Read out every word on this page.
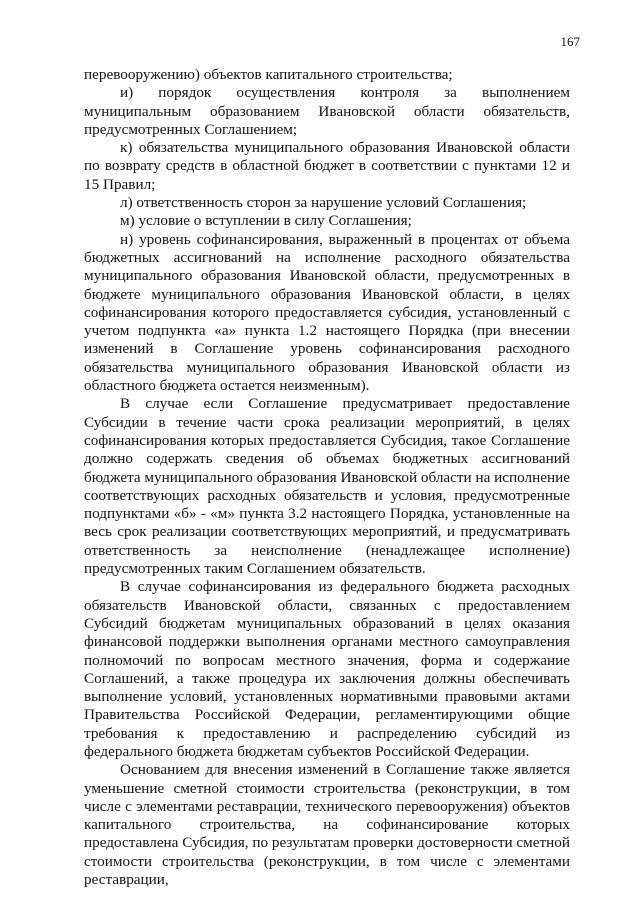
167

перевооружению) объектов капитального строительства;

и) порядок осуществления контроля за выполнением муниципальным образованием Ивановской области обязательств, предусмотренных Соглашением;

к) обязательства муниципального образования Ивановской области по возврату средств в областной бюджет в соответствии с пунктами 12 и 15 Правил;

л) ответственность сторон за нарушение условий Соглашения;

м) условие о вступлении в силу Соглашения;

н) уровень софинансирования, выраженный в процентах от объема бюджетных ассигнований на исполнение расходного обязательства муниципального образования Ивановской области, предусмотренных в бюджете муниципального образования Ивановской области, в целях софинансирования которого предоставляется субсидия, установленный с учетом подпункта «а» пункта 1.2 настоящего Порядка (при внесении изменений в Соглашение уровень софинансирования расходного обязательства муниципального образования Ивановской области из областного бюджета остается неизменным).

В случае если Соглашение предусматривает предоставление Субсидии в течение части срока реализации мероприятий, в целях софинансирования которых предоставляется Субсидия, такое Соглашение должно содержать сведения об объемах бюджетных ассигнований бюджета муниципального образования Ивановской области на исполнение соответствующих расходных обязательств и условия, предусмотренные подпунктами «б» - «м» пункта 3.2 настоящего Порядка, установленные на весь срок реализации соответствующих мероприятий, и предусматривать ответственность за неисполнение (ненадлежащее исполнение) предусмотренных таким Соглашением обязательств.

В случае софинансирования из федерального бюджета расходных обязательств Ивановской области, связанных с предоставлением Субсидий бюджетам муниципальных образований в целях оказания финансовой поддержки выполнения органами местного самоуправления полномочий по вопросам местного значения, форма и содержание Соглашений, а также процедура их заключения должны обеспечивать выполнение условий, установленных нормативными правовыми актами Правительства Российской Федерации, регламентирующими общие требования к предоставлению и распределению субсидий из федерального бюджета бюджетам субъектов Российской Федерации.

Основанием для внесения изменений в Соглашение также является уменьшение сметной стоимости строительства (реконструкции, в том числе с элементами реставрации, технического перевооружения) объектов капитального строительства, на софинансирование которых предоставлена Субсидия, по результатам проверки достоверности сметной стоимости строительства (реконструкции, в том числе с элементами реставрации,
